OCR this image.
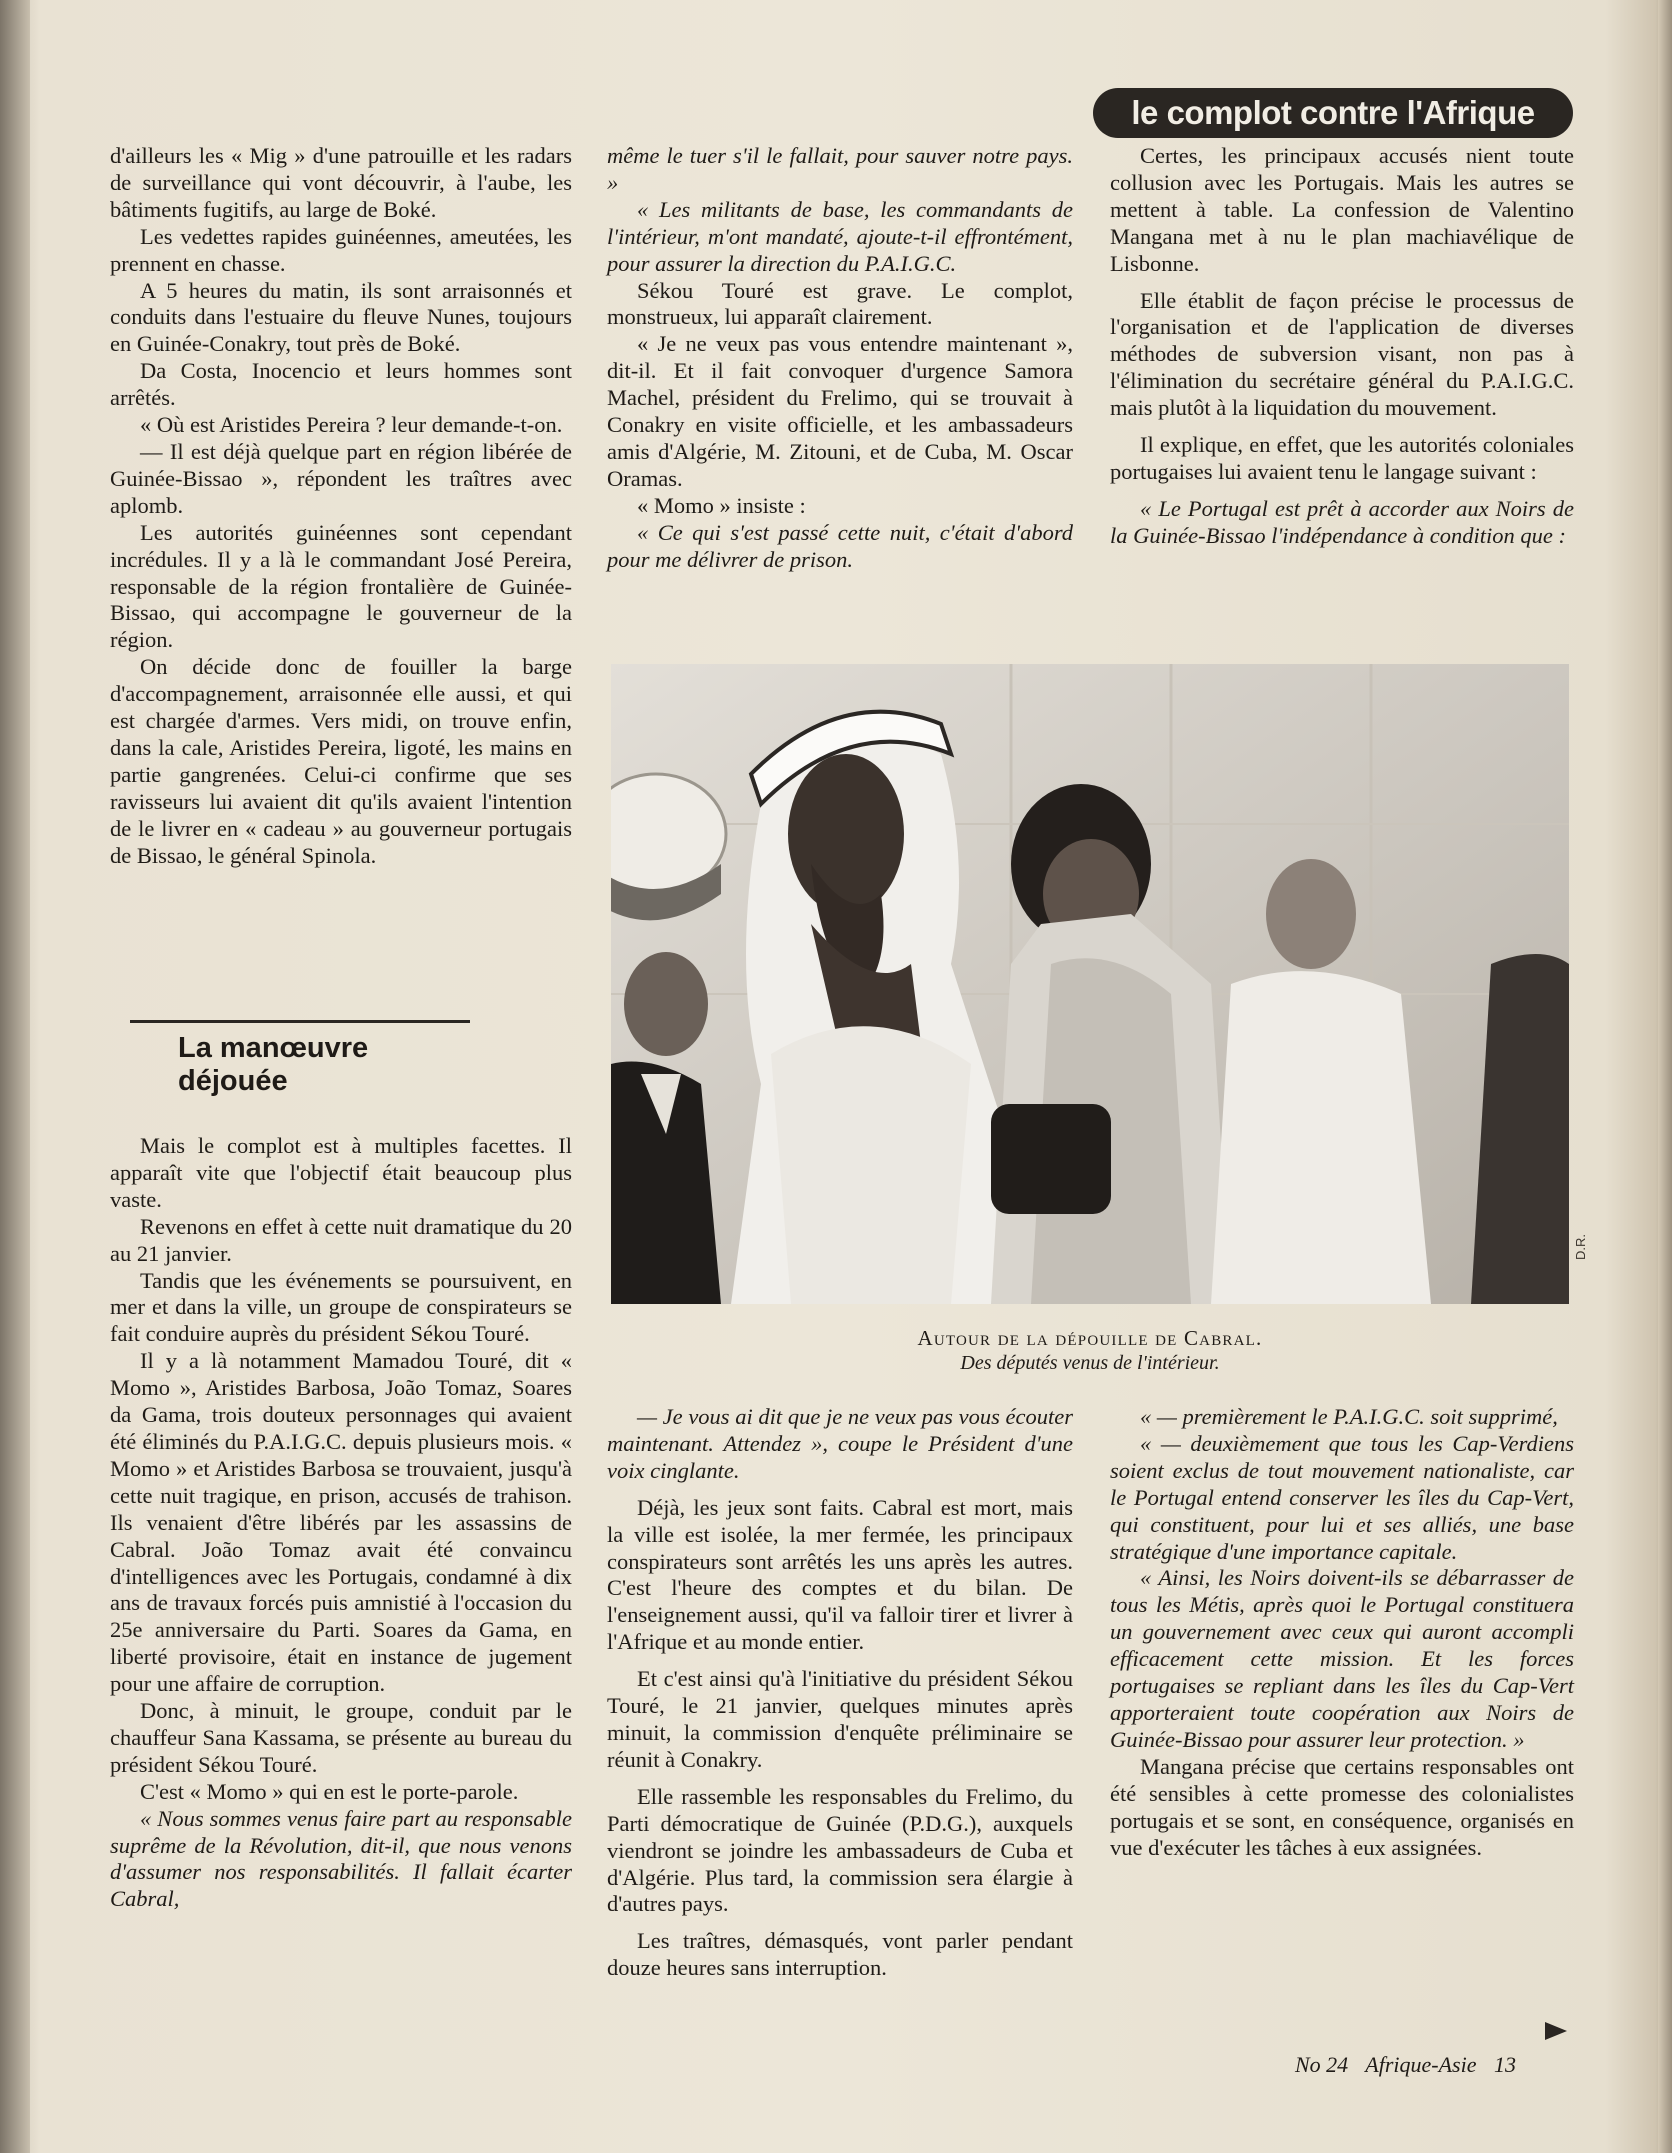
le complot contre l'Afrique

d'ailleurs les « Mig » d'une patrouille et les radars de surveillance qui vont découvrir, à l'aube, les bâtiments fugitifs, au large de Boké.

Les vedettes rapides guinéennes, ameutées, les prennent en chasse.

A 5 heures du matin, ils sont arraisonnés et conduits dans l'estuaire du fleuve Nunes, toujours en Guinée-Conakry, tout près de Boké.

Da Costa, Inocencio et leurs hommes sont arrêtés.

« Où est Aristides Pereira ? leur demande-t-on.

— Il est déjà quelque part en région libérée de Guinée-Bissao », répondent les traîtres avec aplomb.

Les autorités guinéennes sont cependant incrédules. Il y a là le commandant José Pereira, responsable de la région frontalière de Guinée-Bissao, qui accompagne le gouverneur de la région.

On décide donc de fouiller la barge d'accompagnement, arraisonnée elle aussi, et qui est chargée d'armes. Vers midi, on trouve enfin, dans la cale, Aristides Pereira, ligoté, les mains en partie gangrenées. Celui-ci confirme que ses ravisseurs lui avaient dit qu'ils avaient l'intention de le livrer en « cadeau » au gouverneur portugais de Bissao, le général Spinola.

La manœuvre déjouée

Mais le complot est à multiples facettes. Il apparaît vite que l'objectif était beaucoup plus vaste.

Revenons en effet à cette nuit dramatique du 20 au 21 janvier.

Tandis que les événements se poursuivent, en mer et dans la ville, un groupe de conspirateurs se fait conduire auprès du président Sékou Touré.

Il y a là notamment Mamadou Touré, dit « Momo », Aristides Barbosa, João Tomaz, Soares da Gama, trois douteux personnages qui avaient été éliminés du P.A.I.G.C. depuis plusieurs mois. « Momo » et Aristides Barbosa se trouvaient, jusqu'à cette nuit tragique, en prison, accusés de trahison. Ils venaient d'être libérés par les assassins de Cabral. João Tomaz avait été convaincu d'intelligences avec les Portugais, condamné à dix ans de travaux forcés puis amnistié à l'occasion du 25e anniversaire du Parti. Soares da Gama, en liberté provisoire, était en instance de jugement pour une affaire de corruption.

Donc, à minuit, le groupe, conduit par le chauffeur Sana Kassama, se présente au bureau du président Sékou Touré.

C'est « Momo » qui en est le porte-parole.

« Nous sommes venus faire part au responsable suprême de la Révolution, dit-il, que nous venons d'assumer nos responsabilités. Il fallait écarter Cabral,

même le tuer s'il le fallait, pour sauver notre pays. »

« Les militants de base, les commandants de l'intérieur, m'ont mandaté, ajoute-t-il effrontément, pour assurer la direction du P.A.I.G.C.

Sékou Touré est grave. Le complot, monstrueux, lui apparaît clairement.

« Je ne veux pas vous entendre maintenant », dit-il. Et il fait convoquer d'urgence Samora Machel, président du Frelimo, qui se trouvait à Conakry en visite officielle, et les ambassadeurs amis d'Algérie, M. Zitouni, et de Cuba, M. Oscar Oramas.

« Momo » insiste :

« Ce qui s'est passé cette nuit, c'était d'abord pour me délivrer de prison.

Certes, les principaux accusés nient toute collusion avec les Portugais. Mais les autres se mettent à table. La confession de Valentino Mangana met à nu le plan machiavélique de Lisbonne.

Elle établit de façon précise le processus de l'organisation et de l'application de diverses méthodes de subversion visant, non pas à l'élimination du secrétaire général du P.A.I.G.C. mais plutôt à la liquidation du mouvement.

Il explique, en effet, que les autorités coloniales portugaises lui avaient tenu le langage suivant :

« Le Portugal est prêt à accorder aux Noirs de la Guinée-Bissao l'indépendance à condition que :

D.R.
Autour de la dépouille de Cabral.
Des députés venus de l'intérieur.

— Je vous ai dit que je ne veux pas vous écouter maintenant. Attendez », coupe le Président d'une voix cinglante.

Déjà, les jeux sont faits. Cabral est mort, mais la ville est isolée, la mer fermée, les principaux conspirateurs sont arrêtés les uns après les autres. C'est l'heure des comptes et du bilan. De l'enseignement aussi, qu'il va falloir tirer et livrer à l'Afrique et au monde entier.

Et c'est ainsi qu'à l'initiative du président Sékou Touré, le 21 janvier, quelques minutes après minuit, la commission d'enquête préliminaire se réunit à Conakry.

Elle rassemble les responsables du Frelimo, du Parti démocratique de Guinée (P.D.G.), auxquels viendront se joindre les ambassadeurs de Cuba et d'Algérie. Plus tard, la commission sera élargie à d'autres pays.

Les traîtres, démasqués, vont parler pendant douze heures sans interruption.

« — premièrement le P.A.I.G.C. soit supprimé,

« — deuxièmement que tous les Cap-Verdiens soient exclus de tout mouvement nationaliste, car le Portugal entend conserver les îles du Cap-Vert, qui constituent, pour lui et ses alliés, une base stratégique d'une importance capitale.

« Ainsi, les Noirs doivent-ils se débarrasser de tous les Métis, après quoi le Portugal constituera un gouvernement avec ceux qui auront accompli efficacement cette mission. Et les forces portugaises se repliant dans les îles du Cap-Vert apporteraient toute coopération aux Noirs de Guinée-Bissao pour assurer leur protection. »

Mangana précise que certains responsables ont été sensibles à cette promesse des colonialistes portugais et se sont, en conséquence, organisés en vue d'exécuter les tâches à eux assignées.

No 24 Afrique-Asie 13
